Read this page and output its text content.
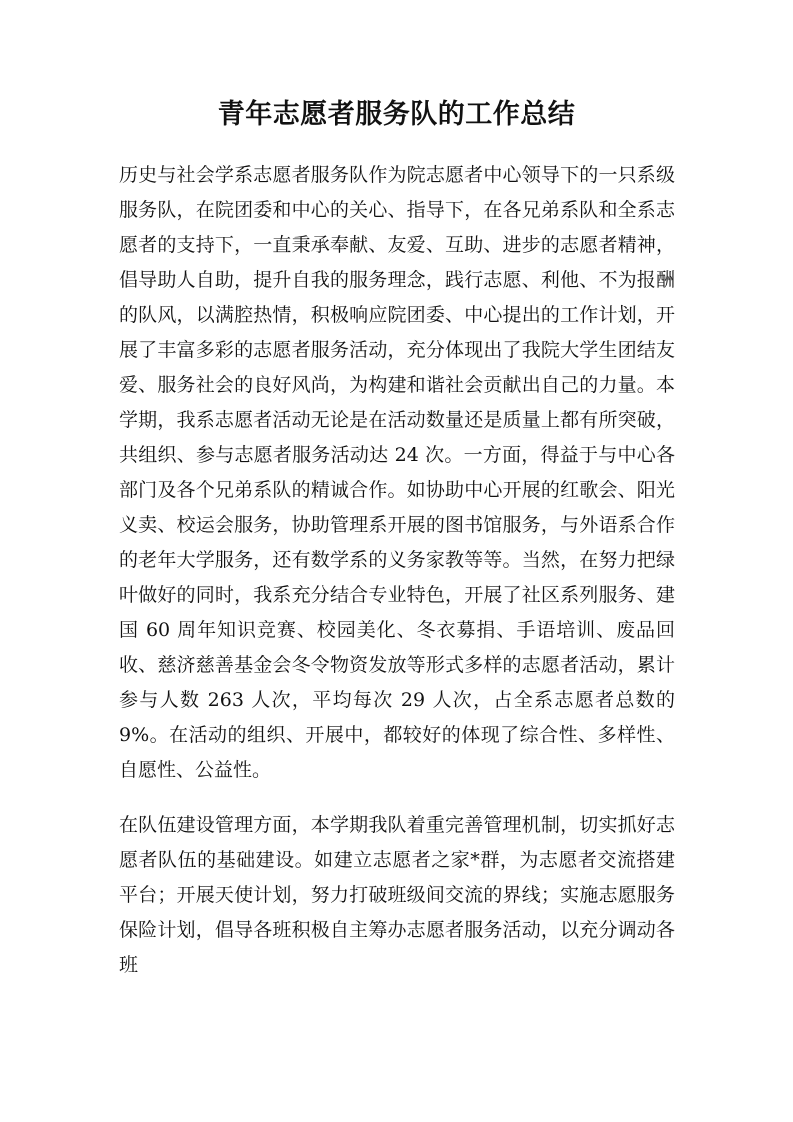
青年志愿者服务队的工作总结

历史与社会学系志愿者服务队作为院志愿者中心领导下的一只系级服务队，在院团委和中心的关心、指导下，在各兄弟系队和全系志愿者的支持下，一直秉承奉献、友爱、互助、进步的志愿者精神，倡导助人自助，提升自我的服务理念，践行志愿、利他、不为报酬的队风，以满腔热情，积极响应院团委、中心提出的工作计划，开展了丰富多彩的志愿者服务活动，充分体现出了我院大学生团结友爱、服务社会的良好风尚，为构建和谐社会贡献出自己的力量。本学期，我系志愿者活动无论是在活动数量还是质量上都有所突破，共组织、参与志愿者服务活动达 24 次。一方面，得益于与中心各部门及各个兄弟系队的精诚合作。如协助中心开展的红歌会、阳光义卖、校运会服务，协助管理系开展的图书馆服务，与外语系合作的老年大学服务，还有数学系的义务家教等等。当然，在努力把绿叶做好的同时，我系充分结合专业特色，开展了社区系列服务、建国 60 周年知识竞赛、校园美化、冬衣募捐、手语培训、废品回收、慈济慈善基金会冬令物资发放等形式多样的志愿者活动，累计参与人数 263 人次，平均每次 29 人次，占全系志愿者总数的 9%。在活动的组织、开展中，都较好的体现了综合性、多样性、自愿性、公益性。

在队伍建设管理方面，本学期我队着重完善管理机制，切实抓好志愿者队伍的基础建设。如建立志愿者之家*群，为志愿者交流搭建平台；开展天使计划，努力打破班级间交流的界线；实施志愿服务保险计划，倡导各班积极自主筹办志愿者服务活动，以充分调动各班
